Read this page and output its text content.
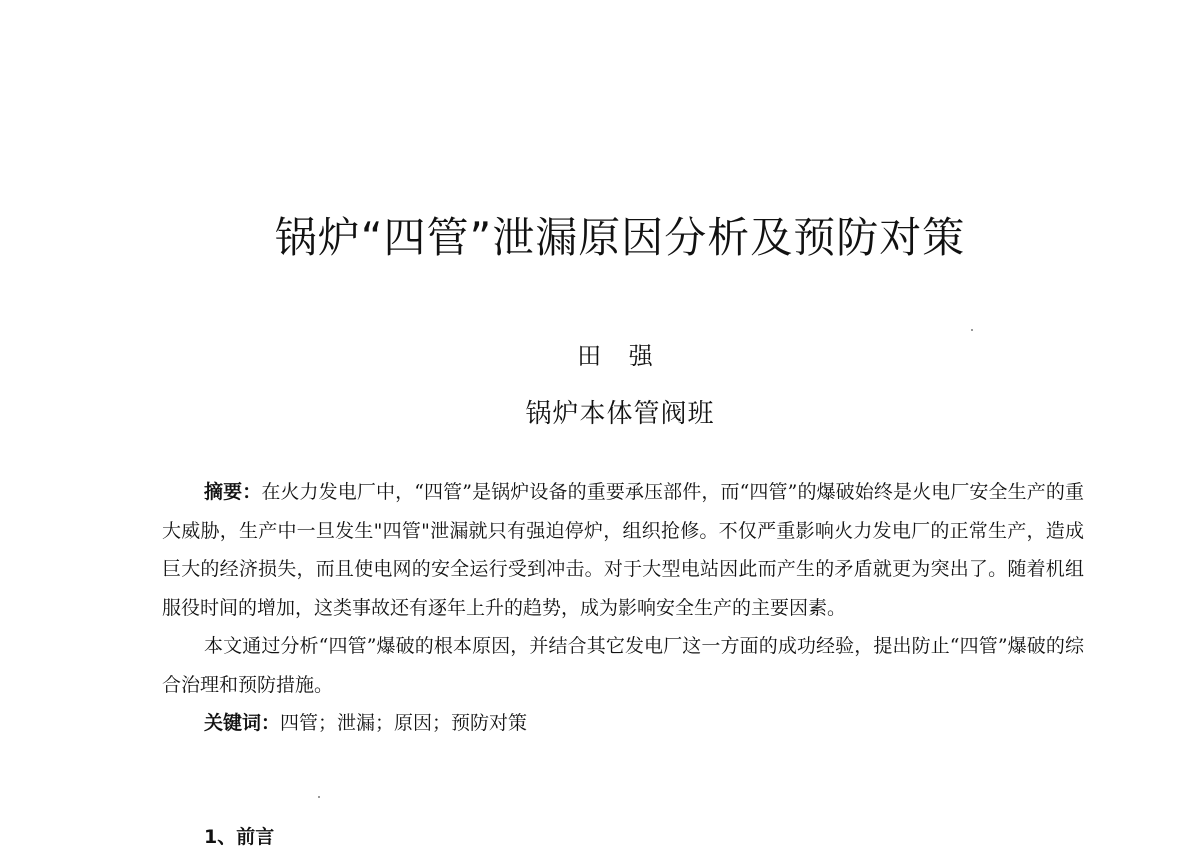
锅炉“四管”泄漏原因分析及预防对策
田 强
锅炉本体管阀班

摘要：在火力发电厂中，“四管”是锅炉设备的重要承压部件，而“四管”的爆破始终是火电厂安全生产的重大威胁，生产中一旦发生"四管"泄漏就只有强迫停炉，组织抢修。不仅严重影响火力发电厂的正常生产，造成巨大的经济损失，而且使电网的安全运行受到冲击。对于大型电站因此而产生的矛盾就更为突出了。随着机组服役时间的增加，这类事故还有逐年上升的趋势，成为影响安全生产的主要因素。

本文通过分析“四管”爆破的根本原因，并结合其它发电厂这一方面的成功经验，提出防止“四管”爆破的综合治理和预防措施。

关键词：四管；泄漏；原因；预防对策

1、前言
